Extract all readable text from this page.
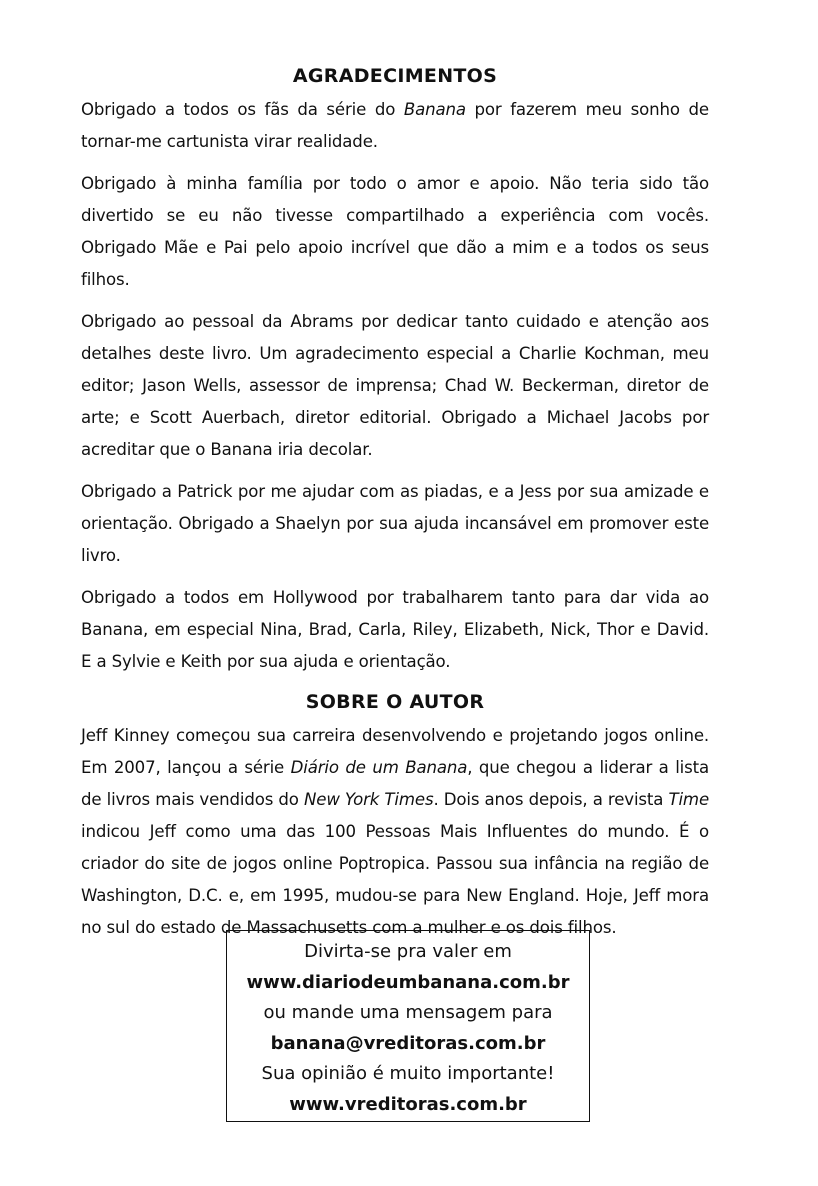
AGRADECIMENTOS

Obrigado a todos os fãs da série do Banana por fazerem meu sonho de tornar-me cartunista virar realidade.

Obrigado à minha família por todo o amor e apoio. Não teria sido tão divertido se eu não tivesse compartilhado a experiência com vocês. Obrigado Mãe e Pai pelo apoio incrível que dão a mim e a todos os seus filhos.

Obrigado ao pessoal da Abrams por dedicar tanto cuidado e atenção aos detalhes deste livro. Um agradecimento especial a Charlie Kochman, meu editor; Jason Wells, assessor de imprensa; Chad W. Beckerman, diretor de arte; e Scott Auerbach, diretor editorial. Obrigado a Michael Jacobs por acreditar que o Banana iria decolar.

Obrigado a Patrick por me ajudar com as piadas, e a Jess por sua amizade e orientação. Obrigado a Shaelyn por sua ajuda incansável em promover este livro.

Obrigado a todos em Hollywood por trabalharem tanto para dar vida ao Banana, em especial Nina, Brad, Carla, Riley, Elizabeth, Nick, Thor e David. E a Sylvie e Keith por sua ajuda e orientação.

SOBRE O AUTOR

Jeff Kinney começou sua carreira desenvolvendo e projetando jogos online. Em 2007, lançou a série Diário de um Banana, que chegou a liderar a lista de livros mais vendidos do New York Times. Dois anos depois, a revista Time indicou Jeff como uma das 100 Pessoas Mais Influentes do mundo. É o criador do site de jogos online Poptropica. Passou sua infância na região de Washington, D.C. e, em 1995, mudou-se para New England. Hoje, Jeff mora no sul do estado de Massachusetts com a mulher e os dois filhos.

Divirta-se pra valer em
www.diariodeumbanana.com.br
ou mande uma mensagem para
banana@vreditoras.com.br
Sua opinião é muito importante!
www.vreditoras.com.br
